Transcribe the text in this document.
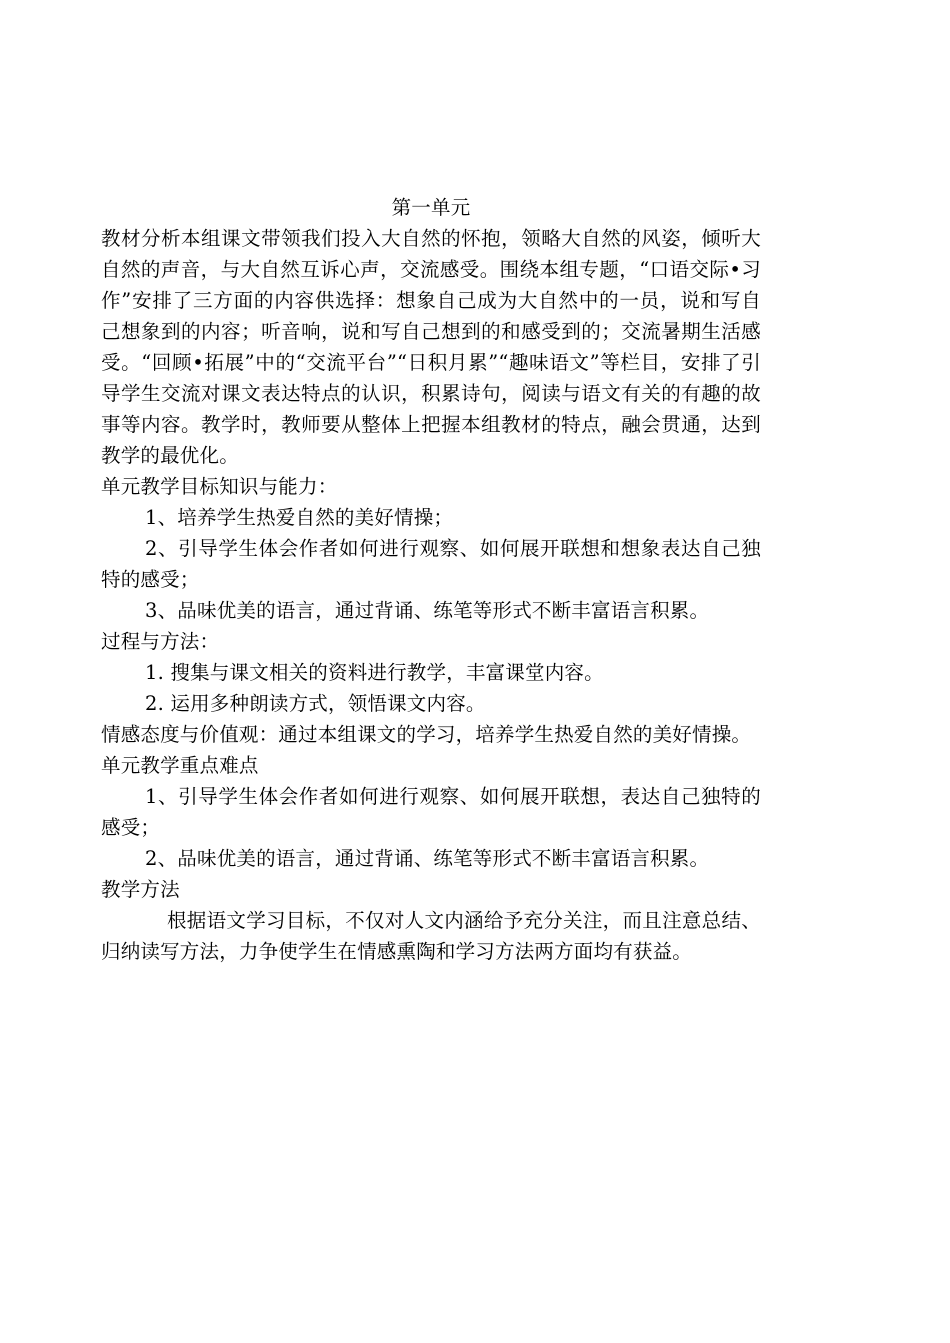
第一单元

教材分析本组课文带领我们投入大自然的怀抱，领略大自然的风姿，倾听大自然的声音，与大自然互诉心声，交流感受。围绕本组专题，“口语交际•习作”安排了三方面的内容供选择：想象自己成为大自然中的一员，说和写自己想象到的内容；听音响，说和写自己想到的和感受到的；交流暑期生活感受。“回顾•拓展”中的“交流平台”“日积月累”“趣味语文”等栏目，安排了引导学生交流对课文表达特点的认识，积累诗句，阅读与语文有关的有趣的故事等内容。教学时，教师要从整体上把握本组教材的特点，融会贯通，达到教学的最优化。

单元教学目标知识与能力：

1、培养学生热爱自然的美好情操；

2、引导学生体会作者如何进行观察、如何展开联想和想象表达自己独特的感受；

3、品味优美的语言，通过背诵、练笔等形式不断丰富语言积累。

过程与方法：

1. 搜集与课文相关的资料进行教学，丰富课堂内容。

2. 运用多种朗读方式，领悟课文内容。

情感态度与价值观：通过本组课文的学习，培养学生热爱自然的美好情操。

单元教学重点难点

1、引导学生体会作者如何进行观察、如何展开联想，表达自己独特的感受；

2、品味优美的语言，通过背诵、练笔等形式不断丰富语言积累。

教学方法

根据语文学习目标，不仅对人文内涵给予充分关注，而且注意总结、归纳读写方法，力争使学生在情感熏陶和学习方法两方面均有获益。
